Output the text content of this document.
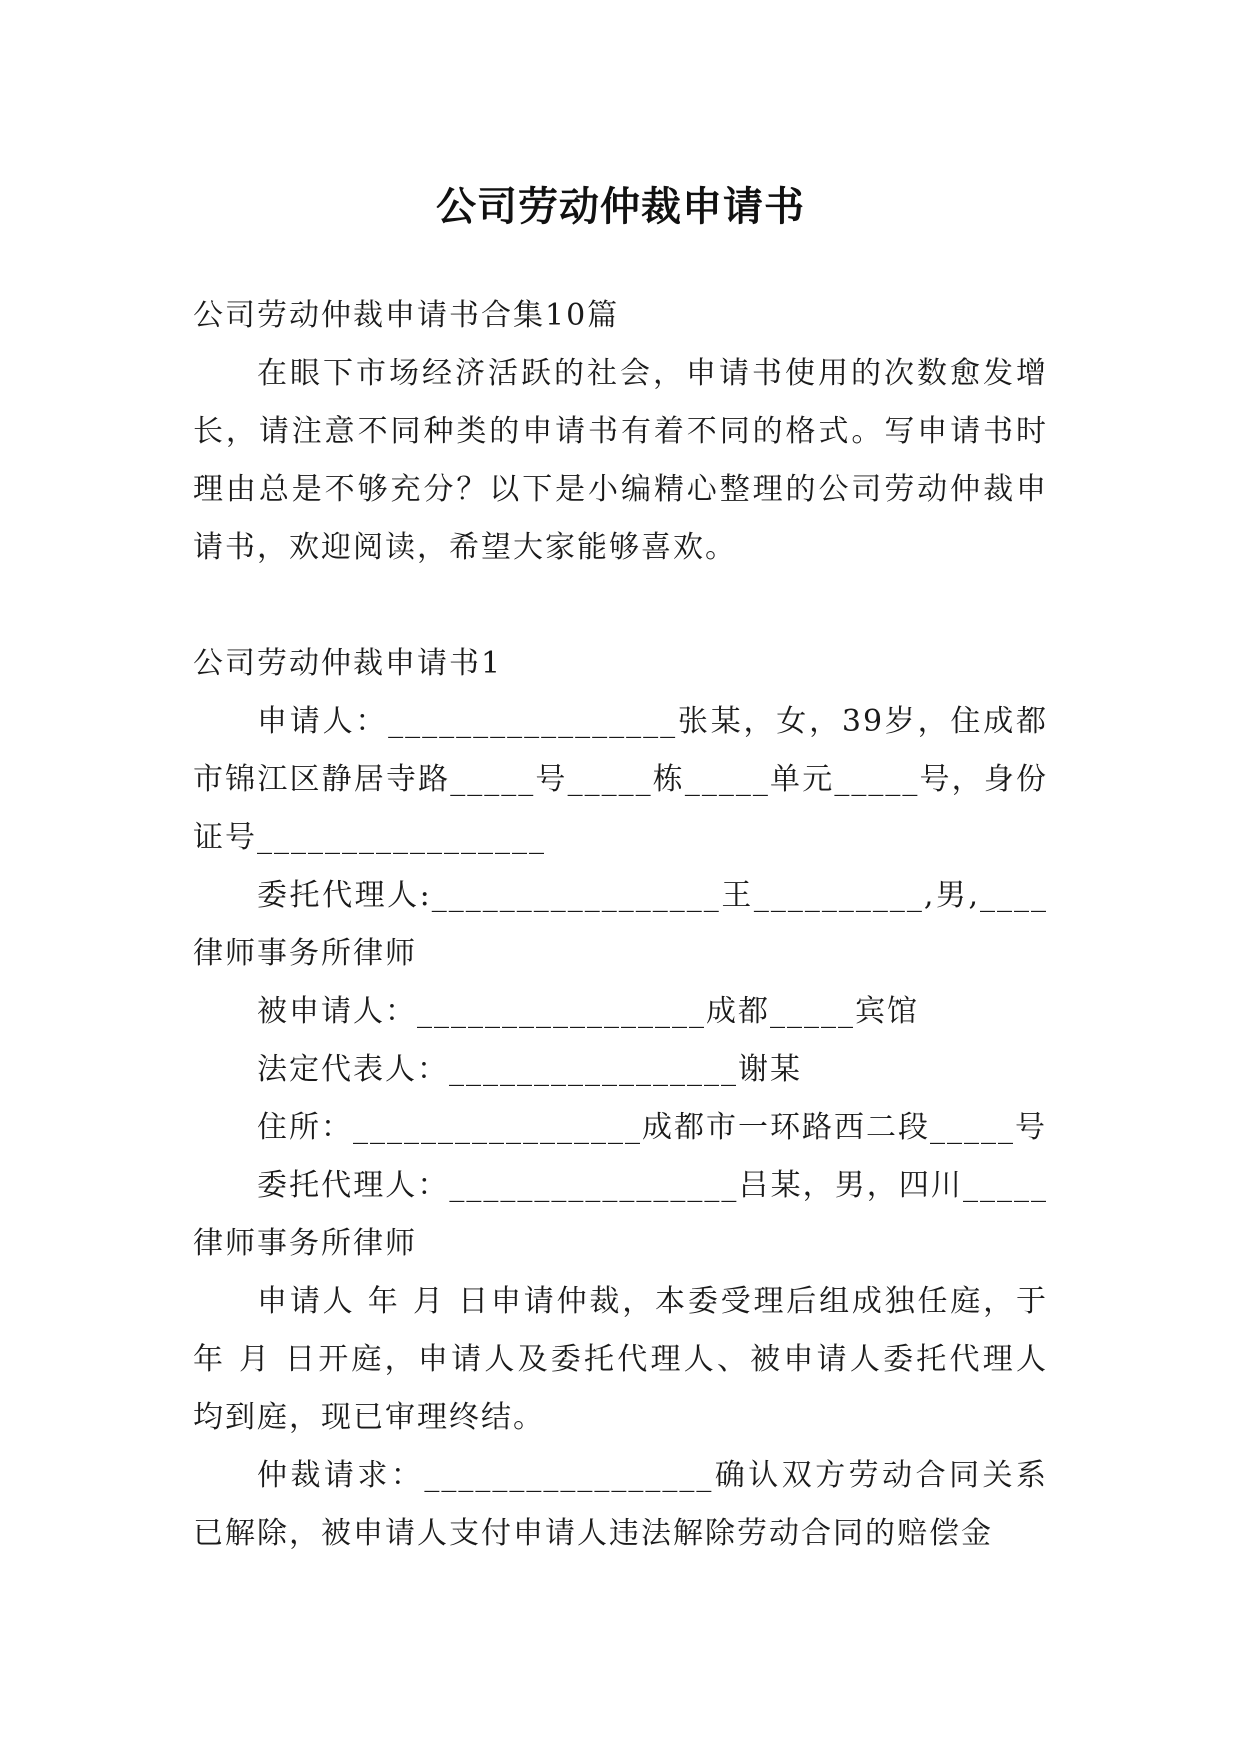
公司劳动仲裁申请书

公司劳动仲裁申请书合集10篇

在眼下市场经济活跃的社会，申请书使用的次数愈发增长，请注意不同种类的申请书有着不同的格式。写申请书时理由总是不够充分？以下是小编精心整理的公司劳动仲裁申请书，欢迎阅读，希望大家能够喜欢。

公司劳动仲裁申请书1

申请人：_________________张某，女，39岁，住成都市锦江区静居寺路_____号_____栋_____单元_____号，身份证号_________________

委托代理人:_________________王__________,男,____律师事务所律师

被申请人：_________________成都_____宾馆

法定代表人：_________________谢某

住所：_________________成都市一环路西二段_____号

委托代理人：_________________吕某，男，四川_____律师事务所律师

申请人 年 月 日申请仲裁，本委受理后组成独任庭，于 年 月 日开庭，申请人及委托代理人、被申请人委托代理人均到庭，现已审理终结。

仲裁请求：_________________确认双方劳动合同关系已解除，被申请人支付申请人违法解除劳动合同的赔偿金
